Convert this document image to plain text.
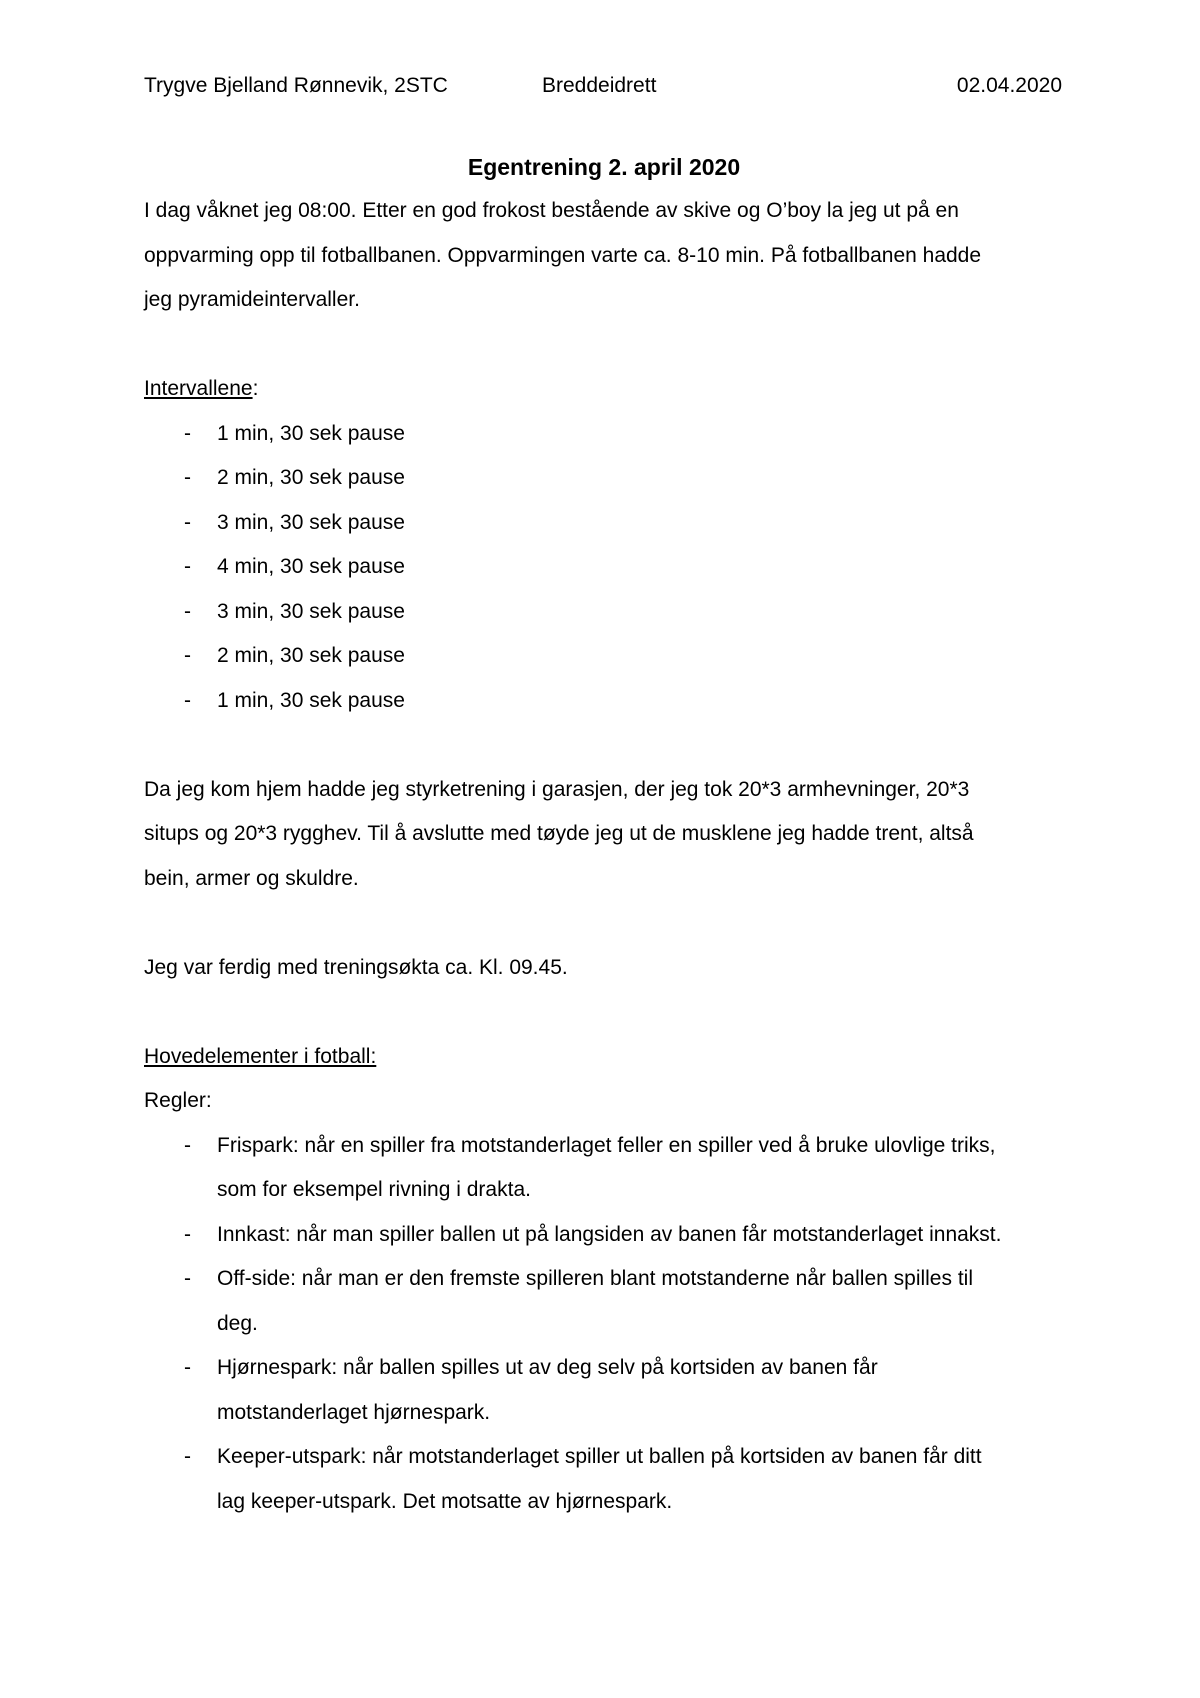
Trygve Bjelland Rønnevik, 2STC	Breddeidrett	02.04.2020
Egentrening 2. april 2020

I dag våknet jeg 08:00. Etter en god frokost bestående av skive og O’boy la jeg ut på en

oppvarming opp til fotballbanen. Oppvarmingen varte ca. 8-10 min. På fotballbanen hadde

jeg pyramideintervaller.

Intervallene:

- 1 min, 30 sek pause
- 2 min, 30 sek pause
- 3 min, 30 sek pause
- 4 min, 30 sek pause
- 3 min, 30 sek pause
- 2 min, 30 sek pause
- 1 min, 30 sek pause

Da jeg kom hjem hadde jeg styrketrening i garasjen, der jeg tok 20*3 armhevninger, 20*3

situps og 20*3 rygghev. Til å avslutte med tøyde jeg ut de musklene jeg hadde trent, altså

bein, armer og skuldre.

Jeg var ferdig med treningsøkta ca. Kl. 09.45.

Hovedelementer i fotball:

Regler:

- Frispark: når en spiller fra motstanderlaget feller en spiller ved å bruke ulovlige triks,
som for eksempel rivning i drakta.
- Innkast: når man spiller ballen ut på langsiden av banen får motstanderlaget innakst.
- Off-side: når man er den fremste spilleren blant motstanderne når ballen spilles til
deg.
- Hjørnespark: når ballen spilles ut av deg selv på kortsiden av banen får
motstanderlaget hjørnespark.
- Keeper-utspark: når motstanderlaget spiller ut ballen på kortsiden av banen får ditt
lag keeper-utspark. Det motsatte av hjørnespark.
